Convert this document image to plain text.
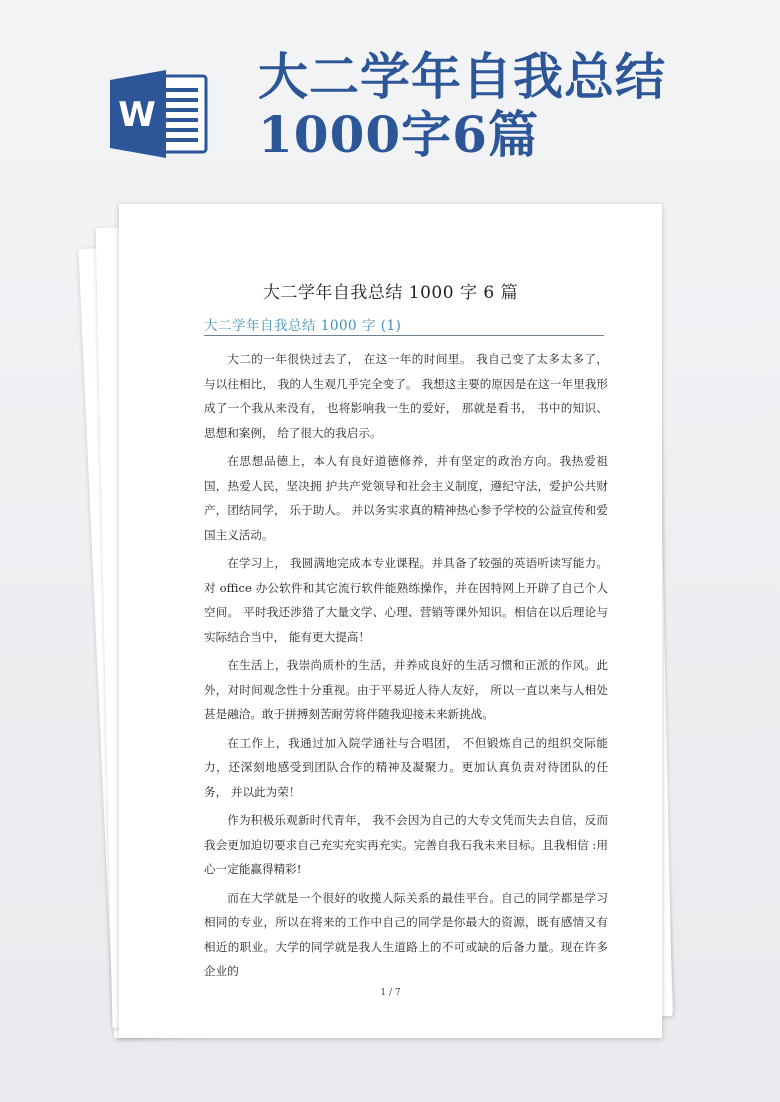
W
大二学年自我总结
1000字6篇
大二学年自我总结 1000 字 6 篇
大二学年自我总结 1000 字 (1)

大二的一年很快过去了， 在这一年的时间里。 我自己变了太多太多了， 与以往相比， 我的人生观几乎完全变了。 我想这主要的原因是在这一年里我形成了一个我从来没有， 也将影响我一生的爱好， 那就是看书， 书中的知识、 思想和案例， 给了很大的我启示。

在思想品德上，本人有良好道德修养，并有坚定的政治方向。我热爱祖国，热爱人民，坚决拥 护共产党领导和社会主义制度，遵纪守法，爱护公共财产，团结同学， 乐于助人。 并以务实求真的精神热心参予学校的公益宣传和爱国主义活动。

在学习上， 我圆满地完成本专业课程。并具备了较强的英语听读写能力。对 office 办公软件和其它流行软件能熟练操作，并在因特网上开辟了自己个人空间。 平时我还涉猎了大量文学、心理、营销等课外知识。相信在以后理论与实际结合当中， 能有更大提高！

在生活上，我崇尚质朴的生活，并养成良好的生活习惯和正派的作风。此外，对时间观念性十分重视。由于平易近人待人友好， 所以一直以来与人相处甚是融洽。敢于拼搏刻苦耐劳将伴随我迎接未来新挑战。

在工作上，我通过加入院学通社与合唱团， 不但锻炼自己的组织交际能力，还深刻地感受到团队合作的精神及凝聚力。更加认真负责对待团队的任务， 并以此为荣！

作为积极乐观新时代青年， 我不会因为自己的大专文凭而失去自信，反而我会更加迫切要求自己充实充实再充实。完善自我石我未来目标。且我相信 :用心一定能赢得精彩!

而在大学就是一个很好的收揽人际关系的最佳平台。自己的同学都是学习相同的专业，所以在将来的工作中自己的同学是你最大的资源，既有感情又有相近的职业。大学的同学就是我人生道路上的不可或缺的后备力量。现在许多企业的

1 / 7
